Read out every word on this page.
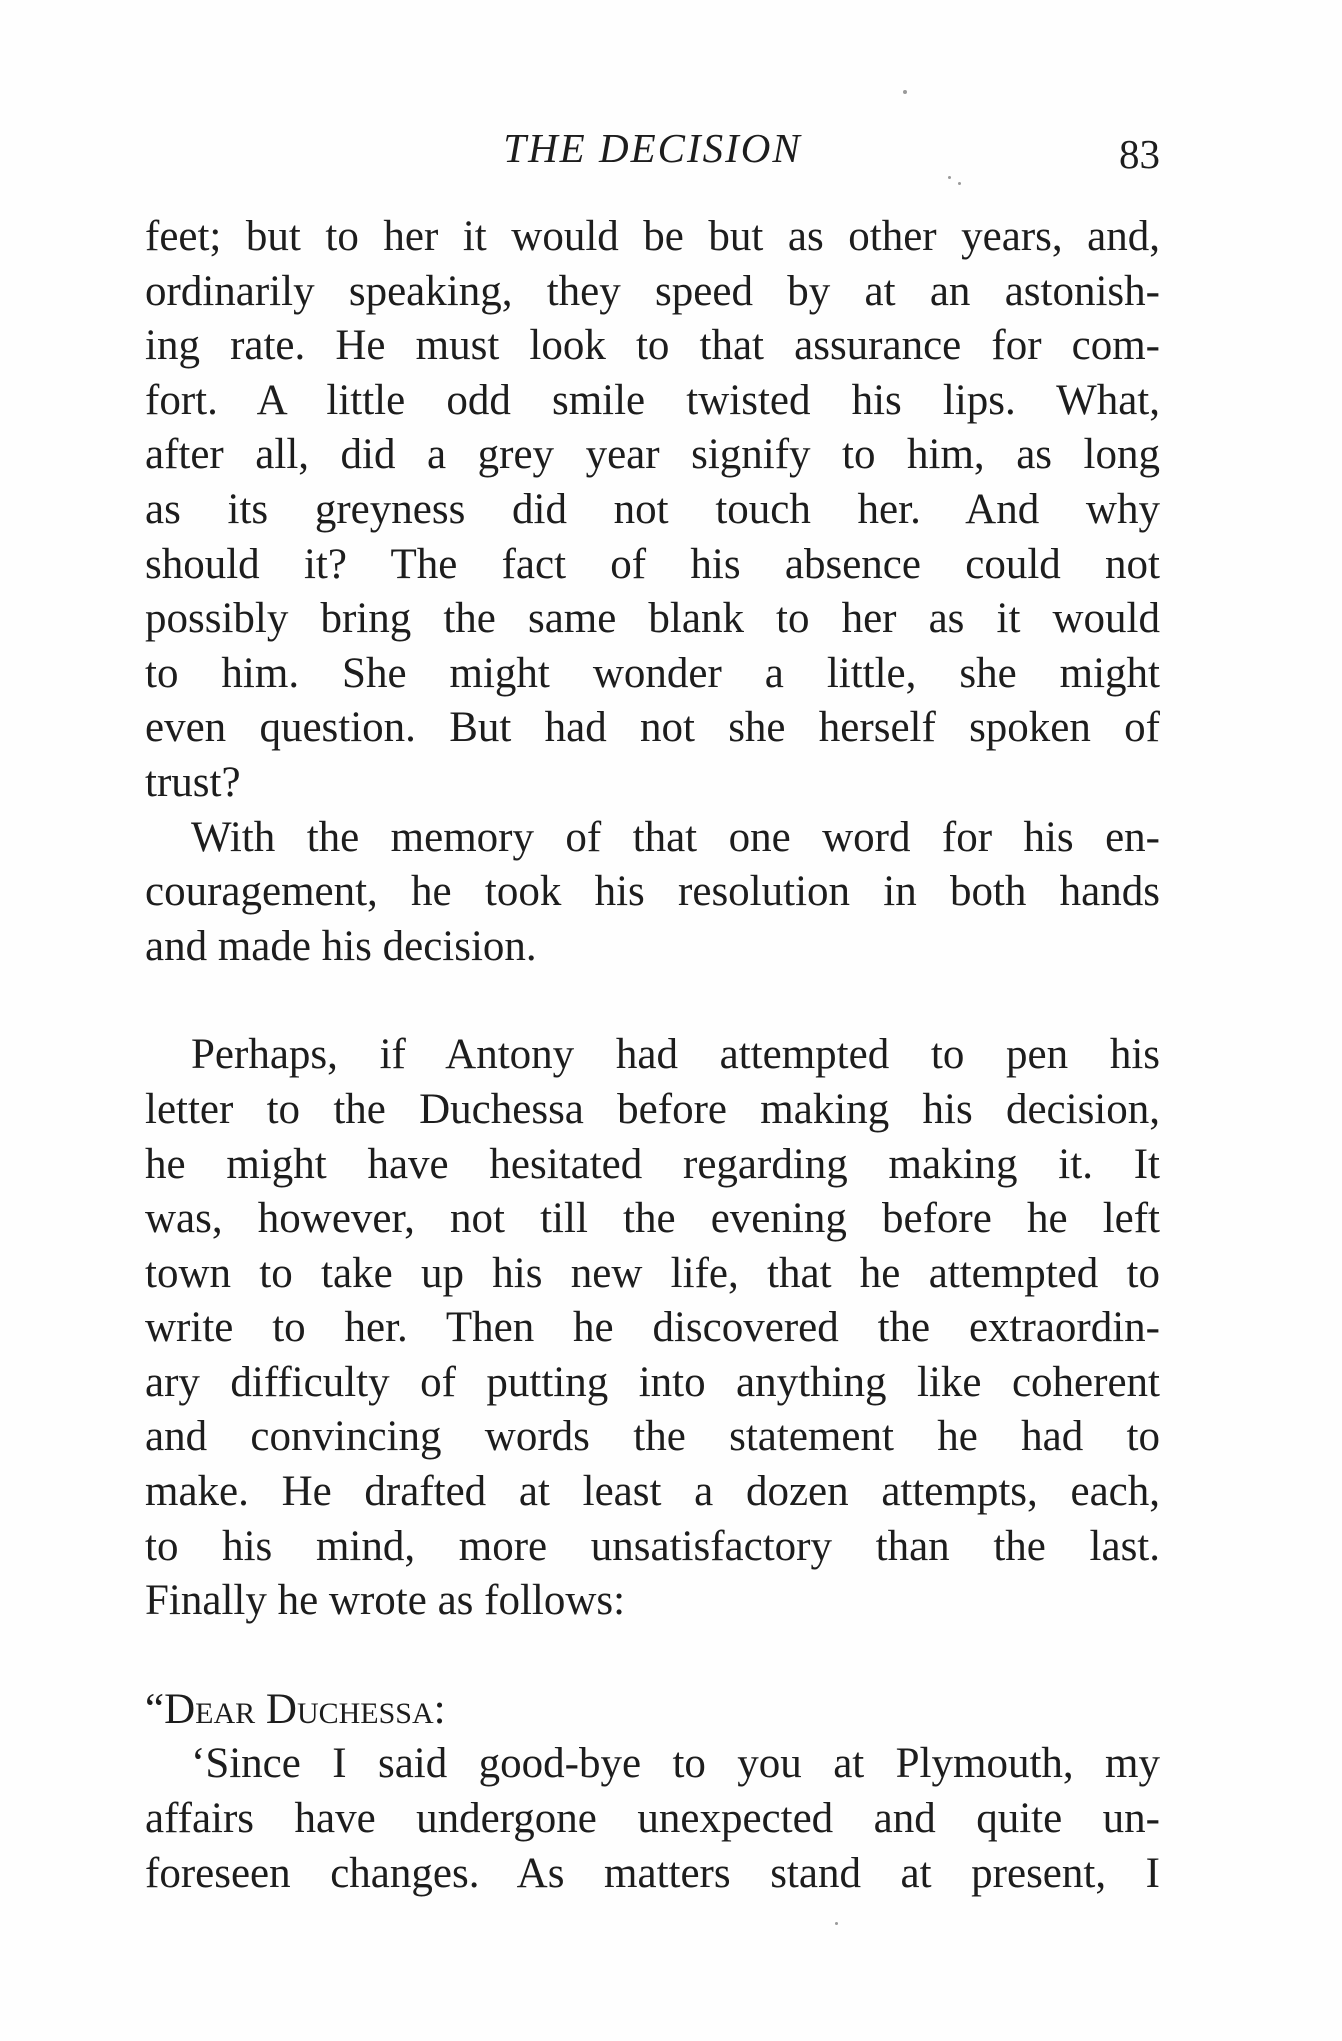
THE DECISION	83

feet; but to her it would be but as other years, and,
ordinarily speaking, they speed by at an astonish-
ing rate. He must look to that assurance for com-
fort. A little odd smile twisted his lips. What,
after all, did a grey year signify to him, as long
as its greyness did not touch her. And why
should it? The fact of his absence could not
possibly bring the same blank to her as it would
to him. She might wonder a little, she might
even question. But had not she herself spoken of
trust?

With the memory of that one word for his en-
couragement, he took his resolution in both hands
and made his decision.

Perhaps, if Antony had attempted to pen his
letter to the Duchessa before making his decision,
he might have hesitated regarding making it. It
was, however, not till the evening before he left
town to take up his new life, that he attempted to
write to her. Then he discovered the extraordin-
ary difficulty of putting into anything like coherent
and convincing words the statement he had to
make. He drafted at least a dozen attempts, each,
to his mind, more unsatisfactory than the last.
Finally he wrote as follows:

“Dear Duchessa:
‘Since I said good-bye to you at Plymouth, my
affairs have undergone unexpected and quite un-
foreseen changes. As matters stand at present, I
